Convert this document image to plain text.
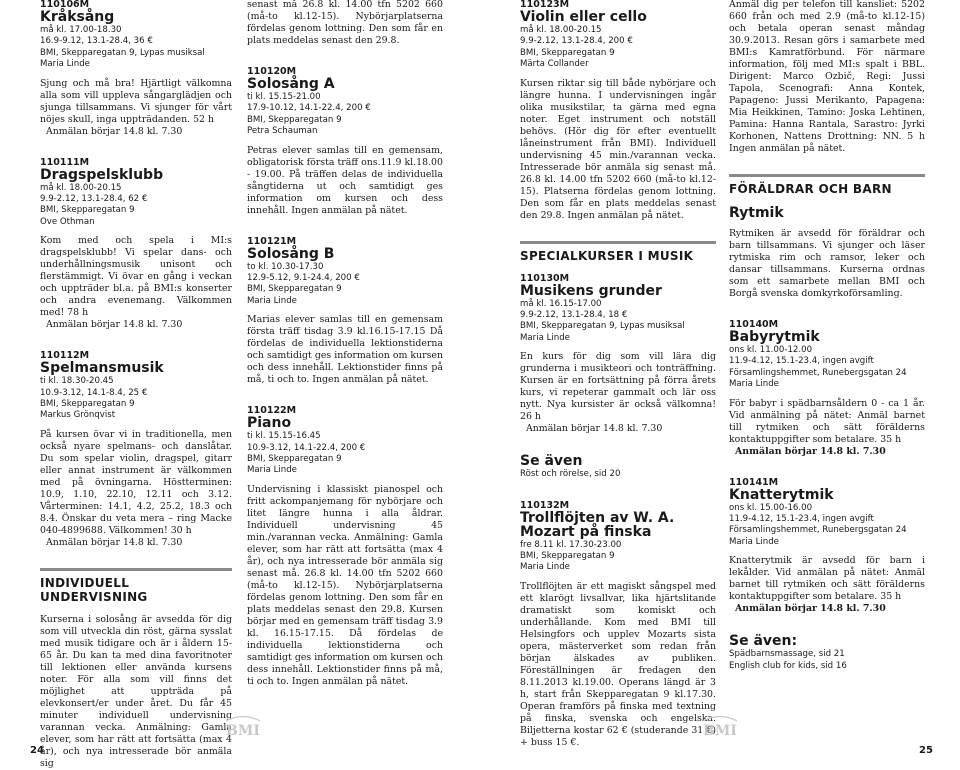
110106M
Kråksång
må kl. 17.00-18.30
16.9-9.12, 13.1-28.4, 36 €
BMI, Skepparegatan 9, Lypas musiksal
Maria Linde
Sjung och må bra! Hjärtligt välkomna alla som vill uppleva sångarglädjen och sjunga tillsammans. Vi sjunger för vårt nöjes skull, inga uppträdanden. 52 h
Anmälan börjar 14.8 kl. 7.30
110111M
Dragspelsklubb
må kl. 18.00-20.15
9.9-2.12, 13.1-28.4, 62 €
BMI, Skepparegatan 9
Ove Othman
Kom med och spela i MI:s dragspelsklubb! Vi spelar dans- och underhållningsmusik unisont och flerstämmigt. Vi övar en gång i veckan och uppträder bl.a. på BMI:s konserter och andra evenemang. Välkommen med! 78 h
Anmälan börjar 14.8 kl. 7.30
110112M
Spelmansmusik
ti kl. 18.30-20.45
10.9-3.12, 14.1-8.4, 25 €
BMI, Skepparegatan 9
Markus Grönqvist
På kursen övar vi in traditionella, men också nyare spelmans- och danslåtar. Du som spelar violin, dragspel, gitarr eller annat instrument är välkommen med på övningarna. Höstterminen: 10.9, 1.10, 22.10, 12.11 och 3.12. Vårterminen: 14.1, 4.2, 25.2, 18.3 och 8.4. Önskar du veta mera – ring Macke 040-4899688. Välkommen! 30 h
Anmälan börjar 14.8 kl. 7.30
INDIVIDUELL UNDERVISNING
Kurserna i solosång är avsedda för dig som vill utveckla din röst, gärna sysslat med musik tidigare och är i åldern 15-65 år. Du kan ta med dina favoritnoter till lektionen eller använda kursens noter. För alla som vill finns det möjlighet att uppträda på elevkonsert/er under året. Du får 45 minuter individuell undervisning varannan vecka. Anmälning: Gamla elever, som har rätt att fortsätta (max 4 år), och nya intresserade bör anmäla sig
senast må 26.8 kl. 14.00 tfn 5202 660 (må-to kl.12-15). Nybörjarplatserna fördelas genom lottning. Den som får en plats meddelas senast den 29.8.
110120M
Solosång A
ti kl. 15.15-21.00
17.9-10.12, 14.1-22.4, 200 €
BMI, Skepparegatan 9
Petra Schauman
Petras elever samlas till en gemensam, obligatorisk första träff ons.11.9 kl.18.00 - 19.00. På träffen delas de individuella sångtiderna ut och samtidigt ges information om kursen och dess innehåll. Ingen anmälan på nätet.
110121M
Solosång B
to kl. 10.30-17.30
12.9-5.12, 9.1-24.4, 200 €
BMI, Skepparegatan 9
Maria Linde
Marias elever samlas till en gemensam första träff tisdag 3.9 kl.16.15-17.15 Då fördelas de individuella lektionstiderna och samtidigt ges information om kursen och dess innehåll. Lektionstider finns på må, ti och to. Ingen anmälan på nätet.
110122M
Piano
ti kl. 15.15-16.45
10.9-3.12, 14.1-22.4, 200 €
BMI, Skepparegatan 9
Maria Linde
Undervisning i klassiskt pianospel och fritt ackompanjemang för nybörjare och litet längre hunna i alla åldrar. Individuell undervisning 45 min./varannan vecka. Anmälning: Gamla elever, som har rätt att fortsätta (max 4 år), och nya intresserade bör anmäla sig senast må. 26.8 kl. 14.00 tfn 5202 660 (må-to kl.12-15). Nybörjarplatserna fördelas genom lottning. Den som får en plats meddelas senast den 29.8. Kursen börjar med en gemensam träff tisdag 3.9 kl. 16.15-17.15. Då fördelas de individuella lektionstiderna och samtidigt ges information om kursen och dess innehåll. Lektionstider finns på må, ti och to. Ingen anmälan på nätet.
110123M
Violin eller cello
må kl. 18.00-20.15
9.9-2.12, 13.1-28.4, 200 €
BMI, Skepparegatan 9
Märta Collander
Kursen riktar sig till både nybörjare och längre hunna. I undervisningen ingår olika musikstilar, ta gärna med egna noter. Eget instrument och notställ behövs. (Hör dig för efter eventuellt låneinstrument från BMI). Individuell undervisning 45 min./varannan vecka. Intresserade bör anmäla sig senast må. 26.8 kl. 14.00 tfn 5202 660 (må-to kl.12-15). Platserna fördelas genom lottning. Den som får en plats meddelas senast den 29.8. Ingen anmälan på nätet.
SPECIALKURSER I MUSIK
110130M
Musikens grunder
må kl. 16.15-17.00
9.9-2.12, 13.1-28.4, 18 €
BMI, Skepparegatan 9, Lypas musiksal
Maria Linde
En kurs för dig som vill lära dig grunderna i musikteori och tonträffning. Kursen är en fortsättning på förra årets kurs, vi repeterar gammalt och lär oss nytt. Nya kursister är också välkomna! 26 h
Anmälan börjar 14.8 kl. 7.30
Se även
Röst och rörelse, sid 20
110132M
Trollflöjten av W. A. Mozart på finska
fre 8.11 kl. 17.30-23.00
BMI, Skepparegatan 9
Maria Linde
Trollflöjten är ett magiskt sångspel med ett klarögt livsallvar, lika hjärtslitande dramatiskt som komiskt och underhållande. Kom med BMI till Helsingfors och upplev Mozarts sista opera, mästerverket som redan från början älskades av publiken. Föreställningen är fredagen den 8.11.2013 kl.19.00. Operans längd är 3 h, start från Skepparegatan 9 kl.17.30. Operan framförs på finska med textning på finska, svenska och engelska. Biljetterna kostar 62 € (studerande 31 €) + buss 15 €.
Anmäl dig per telefon till kansliet: 5202 660 från och med 2.9 (må-to kl.12-15) och betala operan senast måndag 30.9.2013. Resan görs i samarbete med BMI:s Kamratförbund. För närmare information, följ med MI:s spalt i BBL. Dirigent: Marco Ozbič, Regi: Jussi Tapola, Scenografi: Anna Kontek, Papageno: Jussi Merikanto, Papagena: Mia Heikkinen, Tamino: Joska Lehtinen, Pamina: Hanna Rantala, Sarastro: Jyrki Korhonen, Nattens Drottning: NN. 5 h Ingen anmälan på nätet.
FÖRÄLDRAR OCH BARN
Rytmik
Rytmiken är avsedd för föräldrar och barn tillsammans. Vi sjunger och läser rytmiska rim och ramsor, leker och dansar tillsammans. Kurserna ordnas som ett samarbete mellan BMI och Borgå svenska domkyrkoförsamling.
110140M
Babyrytmik
ons kl. 11.00-12.00
11.9-4.12, 15.1-23.4, ingen avgift
Församlingshemmet, Runebergsgatan 24
Maria Linde
För babyr i spädbarnsåldern 0 - ca 1 år. Vid anmälning på nätet: Anmäl barnet till rytmiken och sätt förälderns kontaktuppgifter som betalare. 35 h
Anmälan börjar 14.8 kl. 7.30
110141M
Knatterytmik
ons kl. 15.00-16.00
11.9-4.12, 15.1-23.4, ingen avgift
Församlingshemmet, Runebergsgatan 24
Maria Linde
Knatterytmik är avsedd för barn i lekålder. Vid anmälan på nätet: Anmäl barnet till rytmiken och sätt förälderns kontaktuppgifter som betalare. 35 h
Anmälan börjar 14.8 kl. 7.30
Se även:
Spädbarnsmassage, sid 21
English club for kids, sid 16
BMI	BMI
24	25
